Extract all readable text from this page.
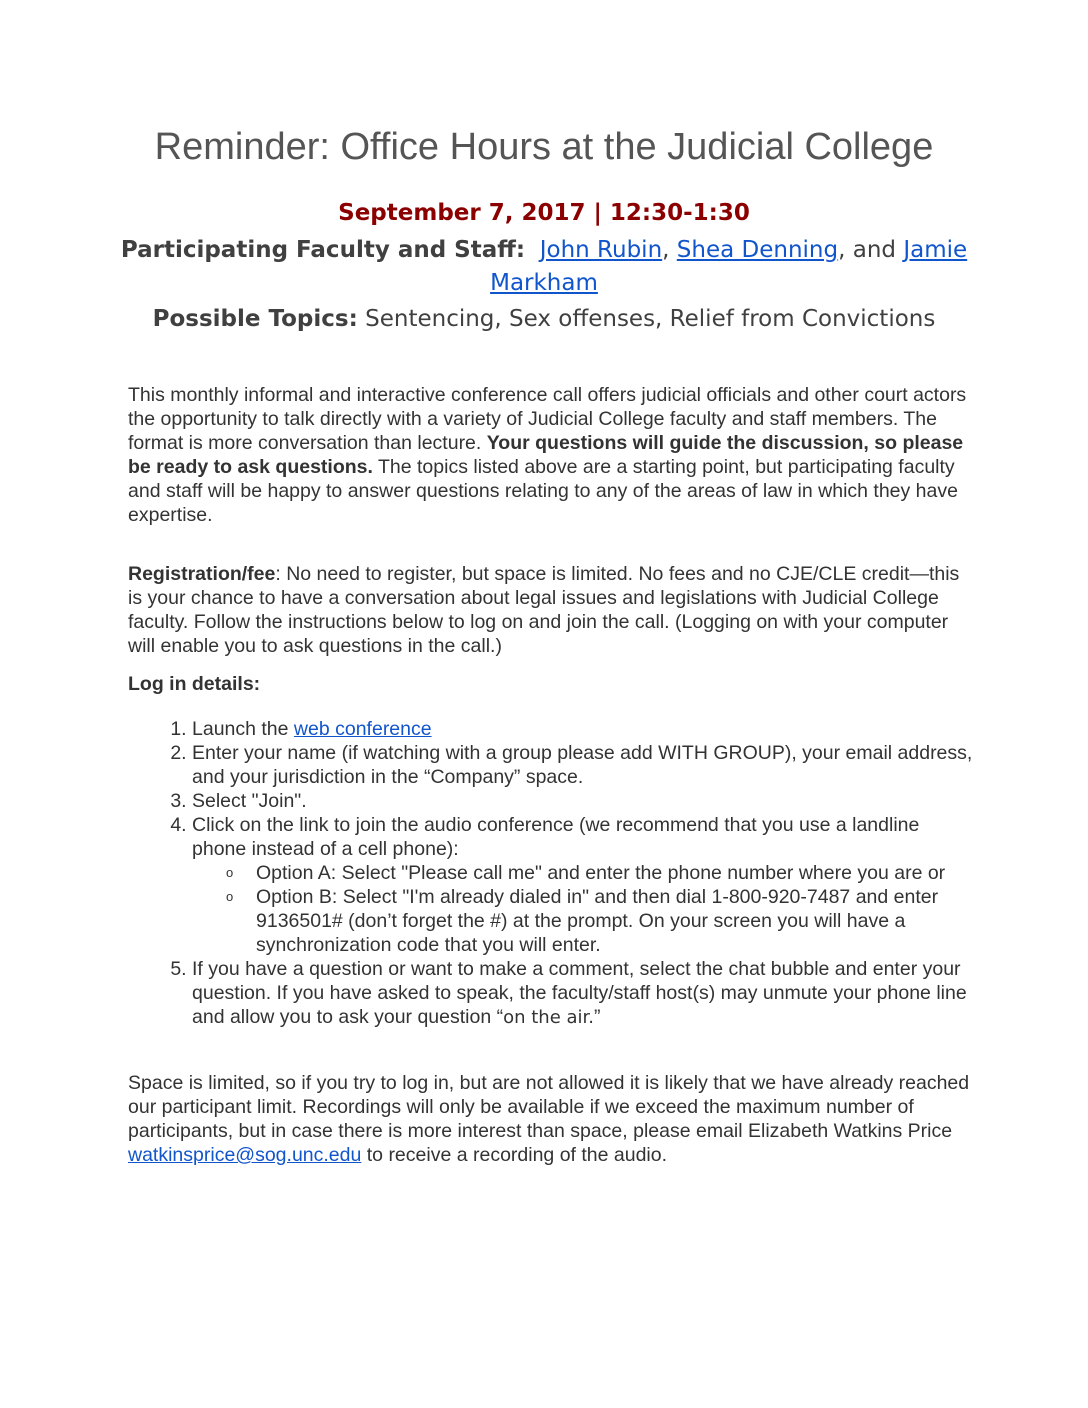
Reminder: Office Hours at the Judicial College
September 7, 2017 | 12:30-1:30
Participating Faculty and Staff: John Rubin, Shea Denning, and Jamie
Markham
Possible Topics: Sentencing, Sex offenses, Relief from Convictions

This monthly informal and interactive conference call offers judicial officials and other court actors the opportunity to talk directly with a variety of Judicial College faculty and staff members. The format is more conversation than lecture. Your questions will guide the discussion, so please be ready to ask questions. The topics listed above are a starting point, but participating faculty and staff will be happy to answer questions relating to any of the areas of law in which they have expertise.

Registration/fee: No need to register, but space is limited. No fees and no CJE/CLE credit—this is your chance to have a conversation about legal issues and legislations with Judicial College faculty. Follow the instructions below to log on and join the call. (Logging on with your computer will enable you to ask questions in the call.)

Log in details:

1. Launch the web conference
2. Enter your name (if watching with a group please add WITH GROUP), your email address, and your jurisdiction in the “Company” space.
3. Select "Join".
4. Click on the link to join the audio conference (we recommend that you use a landline phone instead of a cell phone):
o Option A: Select "Please call me" and enter the phone number where you are or
o Option B: Select "I'm already dialed in" and then dial 1-800-920-7487 and enter 9136501# (don’t forget the #) at the prompt. On your screen you will have a synchronization code that you will enter.
5. If you have a question or want to make a comment, select the chat bubble and enter your question. If you have asked to speak, the faculty/staff host(s) may unmute your phone line and allow you to ask your question “on the air.”

Space is limited, so if you try to log in, but are not allowed it is likely that we have already reached our participant limit. Recordings will only be available if we exceed the maximum number of participants, but in case there is more interest than space, please email Elizabeth Watkins Price watkinsprice@sog.unc.edu to receive a recording of the audio.
